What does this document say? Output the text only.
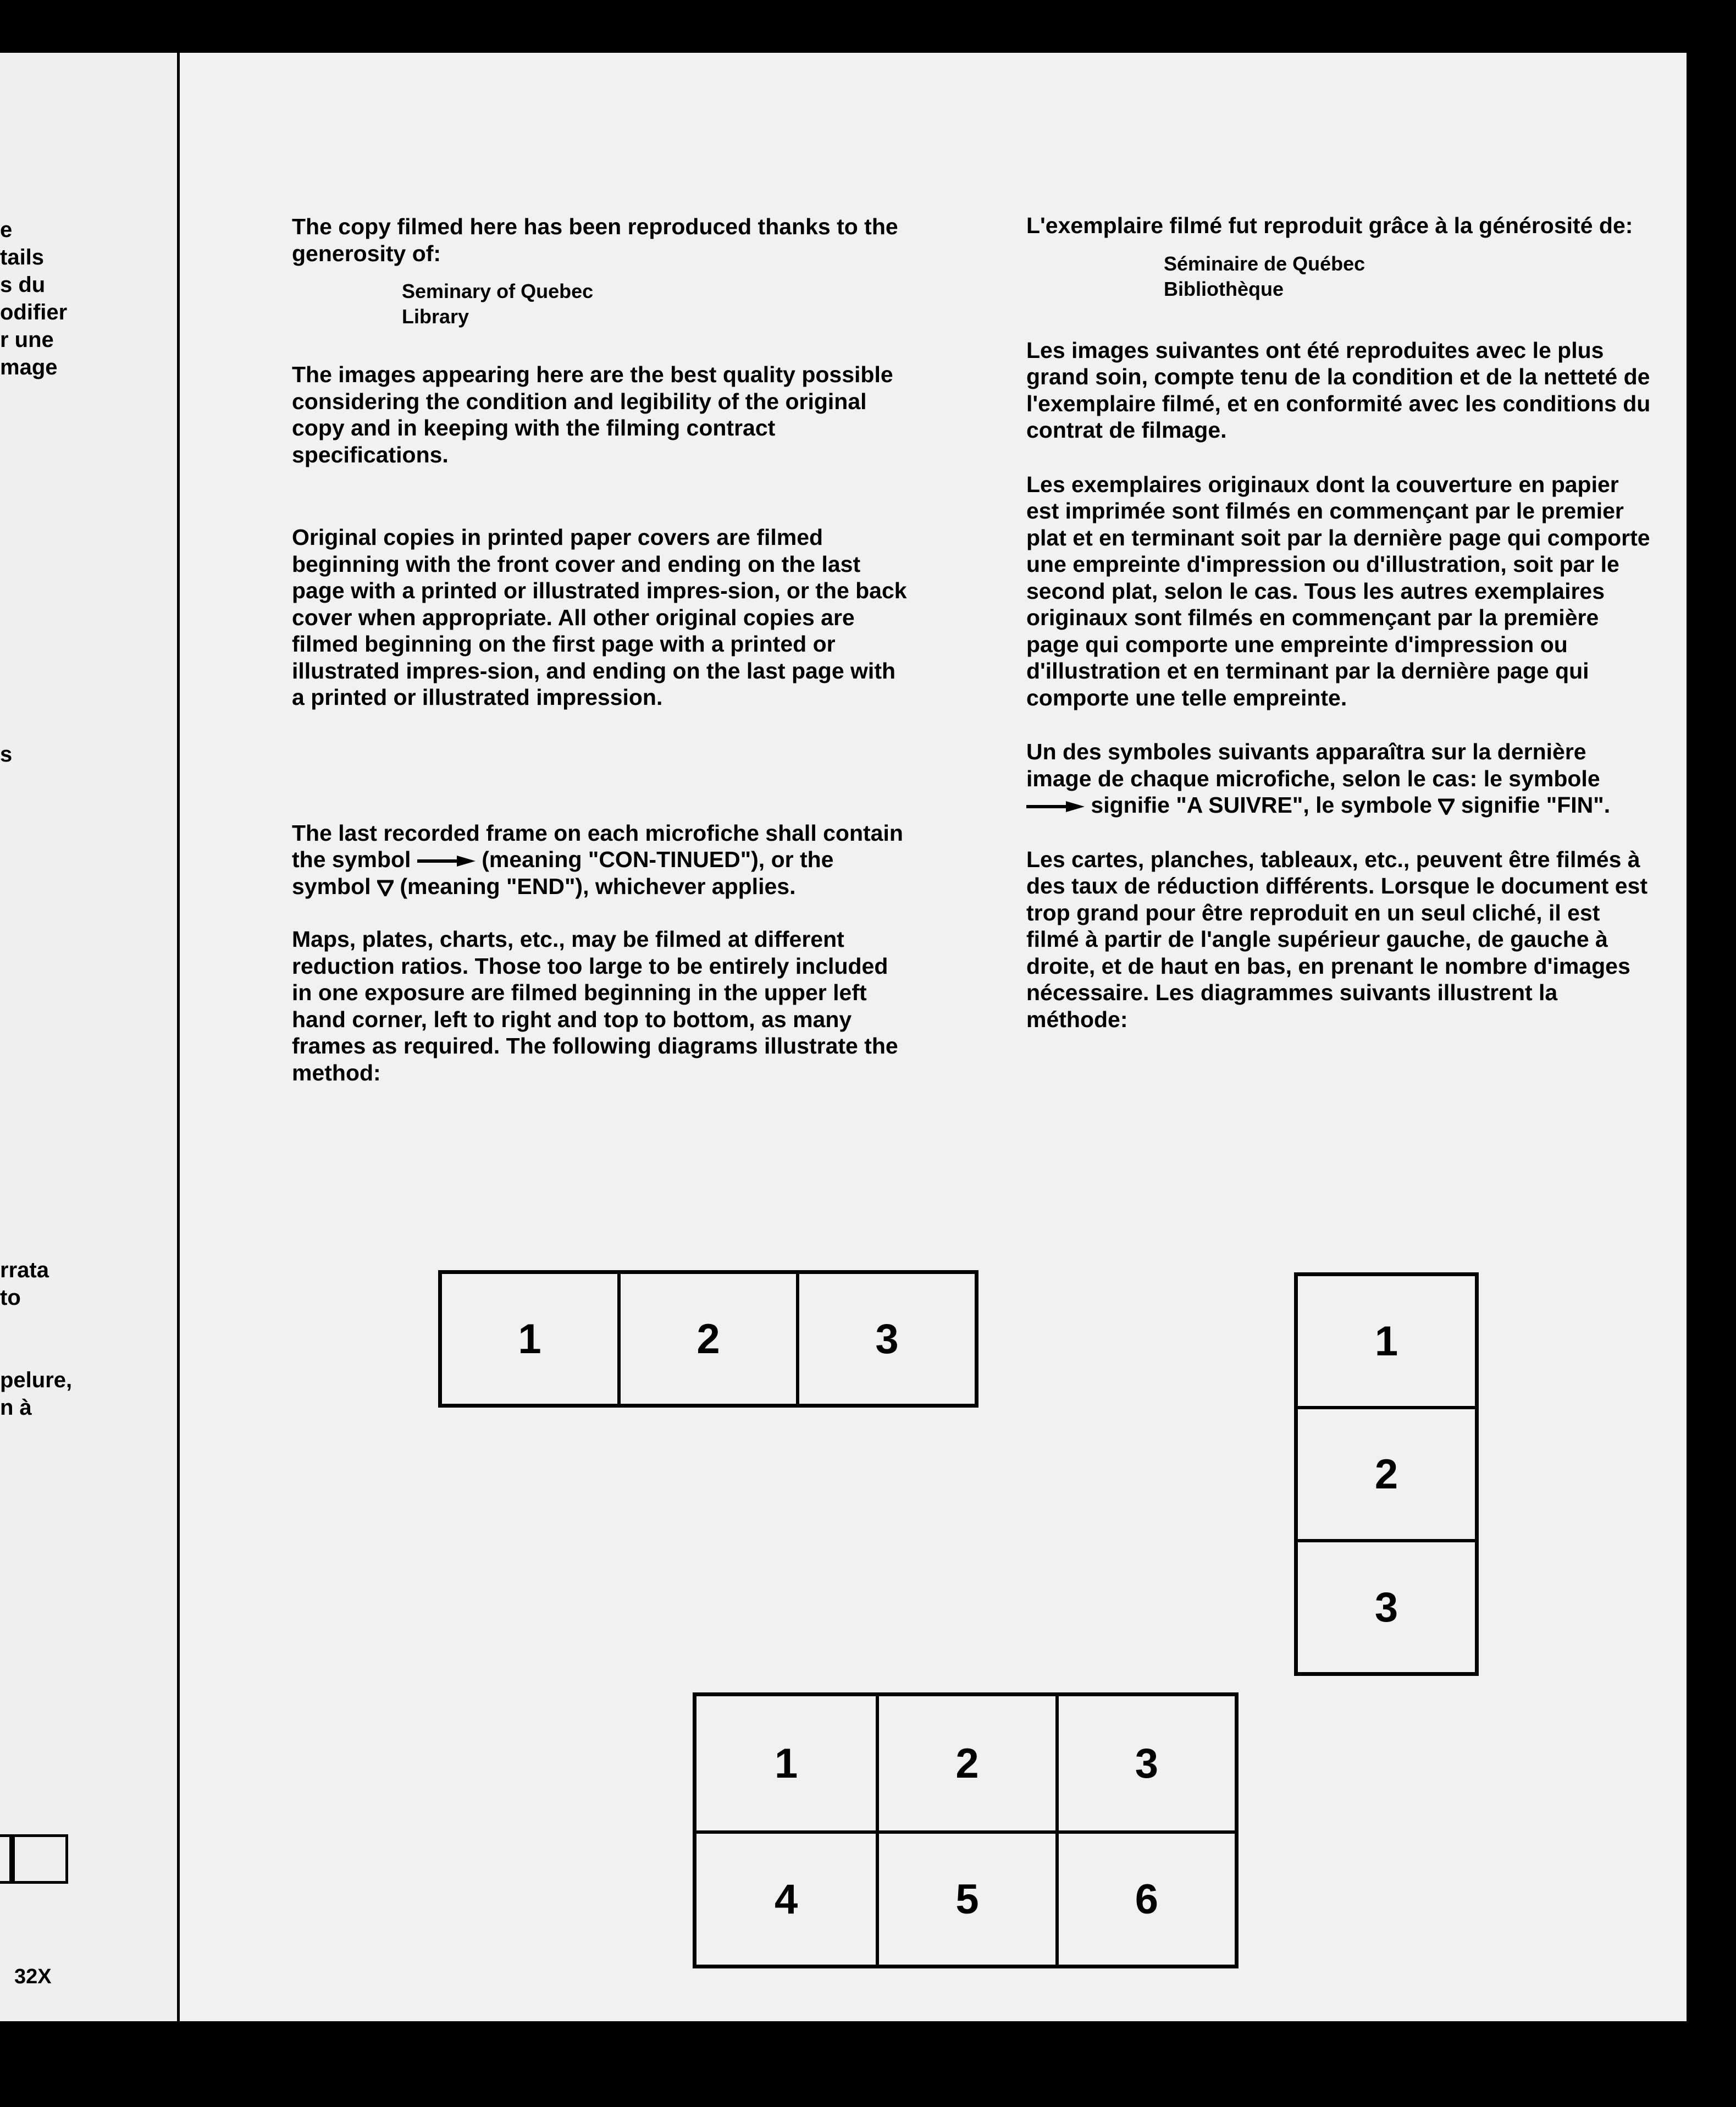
e
tails
s du
odifier
r une
mage
s
rrata
to
pelure,
n à
32X

The copy filmed here has been reproduced thanks to the generosity of:

Seminary of Quebec

Library

The images appearing here are the best quality possible considering the condition and legibility of the original copy and in keeping with the filming contract specifications.

Original copies in printed paper covers are filmed beginning with the front cover and ending on the last page with a printed or illustrated impres-sion, or the back cover when appropriate. All other original copies are filmed beginning on the first page with a printed or illustrated impres-sion, and ending on the last page with a printed or illustrated impression.

The last recorded frame on each microfiche shall contain the symbol	(meaning "CON-TINUED"), or the symbol (meaning "END"), whichever applies.

Maps, plates, charts, etc., may be filmed at different reduction ratios. Those too large to be entirely included in one exposure are filmed beginning in the upper left hand corner, left to right and top to bottom, as many frames as required. The following diagrams illustrate the method:

L'exemplaire filmé fut reproduit grâce à la générosité de:

Séminaire de Québec

Bibliothèque

Les images suivantes ont été reproduites avec le plus grand soin, compte tenu de la condition et de la netteté de l'exemplaire filmé, et en conformité avec les conditions du contrat de filmage.

Les exemplaires originaux dont la couverture en papier est imprimée sont filmés en commençant par le premier plat et en terminant soit par la dernière page qui comporte une empreinte d'impression ou d'illustration, soit par le second plat, selon le cas. Tous les autres exemplaires originaux sont filmés en commençant par la première page qui comporte une empreinte d'impression ou d'illustration et en terminant par la dernière page qui comporte une telle empreinte.

Un des symboles suivants apparaîtra sur la dernière image de chaque microfiche, selon le cas: le symbole  signifie "A SUIVRE", le symbole signifie "FIN".

Les cartes, planches, tableaux, etc., peuvent être filmés à des taux de réduction différents. Lorsque le document est trop grand pour être reproduit en un seul cliché, il est filmé à partir de l'angle supérieur gauche, de gauche à droite, et de haut en bas, en prenant le nombre d'images nécessaire. Les diagrammes suivants illustrent la méthode:

1	2	3	1
2
3
1	2	3
4	5	6
